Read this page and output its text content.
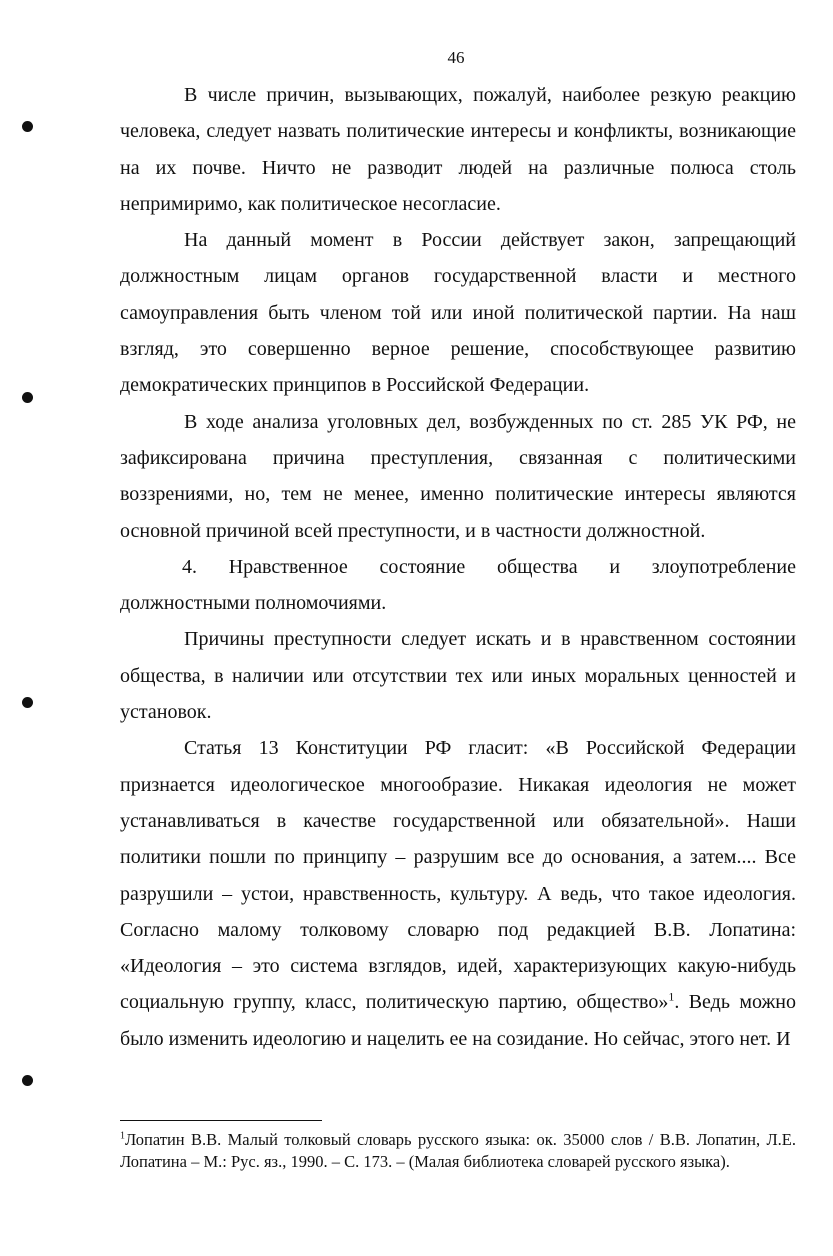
46

В числе причин, вызывающих, пожалуй, наиболее резкую реакцию человека, следует назвать политические интересы и конфликты, возникающие на их почве. Ничто не разводит людей на различные полюса столь непримиримо, как политическое несогласие.

На данный момент в России действует закон, запрещающий должностным лицам органов государственной власти и местного самоуправления быть членом той или иной политической партии. На наш взгляд, это совершенно верное решение, способствующее развитию демократических принципов в Российской Федерации.

В ходе анализа уголовных дел, возбужденных по ст. 285 УК РФ, не зафиксирована причина преступления, связанная с политическими воззрениями, но, тем не менее, именно политические интересы являются основной причиной всей преступности, и в частности должностной.

4. Нравственное состояние общества и злоупотребление должностными полномочиями.

Причины преступности следует искать и в нравственном состоянии общества, в наличии или отсутствии тех или иных моральных ценностей и установок.

Статья 13 Конституции РФ гласит: «В Российской Федерации признается идеологическое многообразие. Никакая идеология не может устанавливаться в качестве государственной или обязательной». Наши политики пошли по принципу – разрушим все до основания, а затем.... Все разрушили – устои, нравственность, культуру. А ведь, что такое идеология. Согласно малому толковому словарю под редакцией В.В. Лопатина: «Идеология – это система взглядов, идей, характеризующих какую-нибудь социальную группу, класс, политическую партию, общество»$^1$. Ведь можно было изменить идеологию и нацелить ее на созидание. Но сейчас, этого нет. И

$^1$Лопатин В.В. Малый толковый словарь русского языка: ок. 35000 слов / В.В. Лопатин, Л.Е. Лопатина – М.: Рус. яз., 1990. – С. 173. – (Малая библиотека словарей русского языка).
